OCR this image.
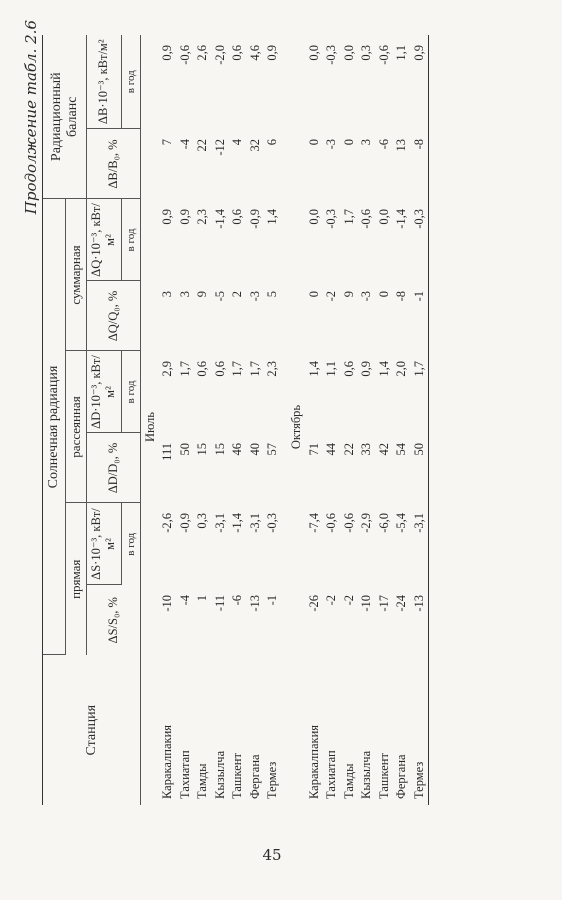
Продолжение табл. 2.6
Станция	Солнечная радиация						Радиационный
баланс	
	прямая		рассеянная		суммарная			
	ΔS/S₀, %	ΔS·10⁻³, кВт/м²	ΔD/D₀, %	ΔD·10⁻³, кВт/м²	ΔQ/Q₀, %	ΔQ·10⁻³, кВт/м²	ΔB/B₀, %	ΔB·10⁻³, кВт/м²
		в год		в год		в год		в год
			Июль					
Каракалпакия	-10	-2,6	111	2,9	3	0,9	7	0,9
Тахиатап	-4	-0,9	50	1,7	3	0,9	-4	-0,6
Тамды	1	0,3	15	0,6	9	2,3	22	2,6
Кызылча	-11	-3,1	15	0,6	-5	-1,4	-12	-2,0
Ташкент	-6	-1,4	46	1,7	2	0,6	4	0,6
Фергана	-13	-3,1	40	1,7	-3	-0,9	32	4,6
Термез	-1	-0,3	57	2,3	5	1,4	6	0,9

			Октябрь					
Каракалпакия	-26	-7,4	71	1,4	0	0,0	0	0,0
Тахиатап	-2	-0,6	44	1,1	-2	-0,3	-3	-0,3
Тамды	-2	-0,6	22	0,6	9	1,7	0	0,0
Кызылча	-10	-2,9	33	0,9	-3	-0,6	3	0,3
Ташкент	-17	-6,0	42	1,4	0	0,0	-6	-0,6
Фергана	-24	-5,4	54	2,0	-8	-1,4	13	1,1
Термез	-13	-3,1	50	1,7	-1	-0,3	-8	0,9
45
